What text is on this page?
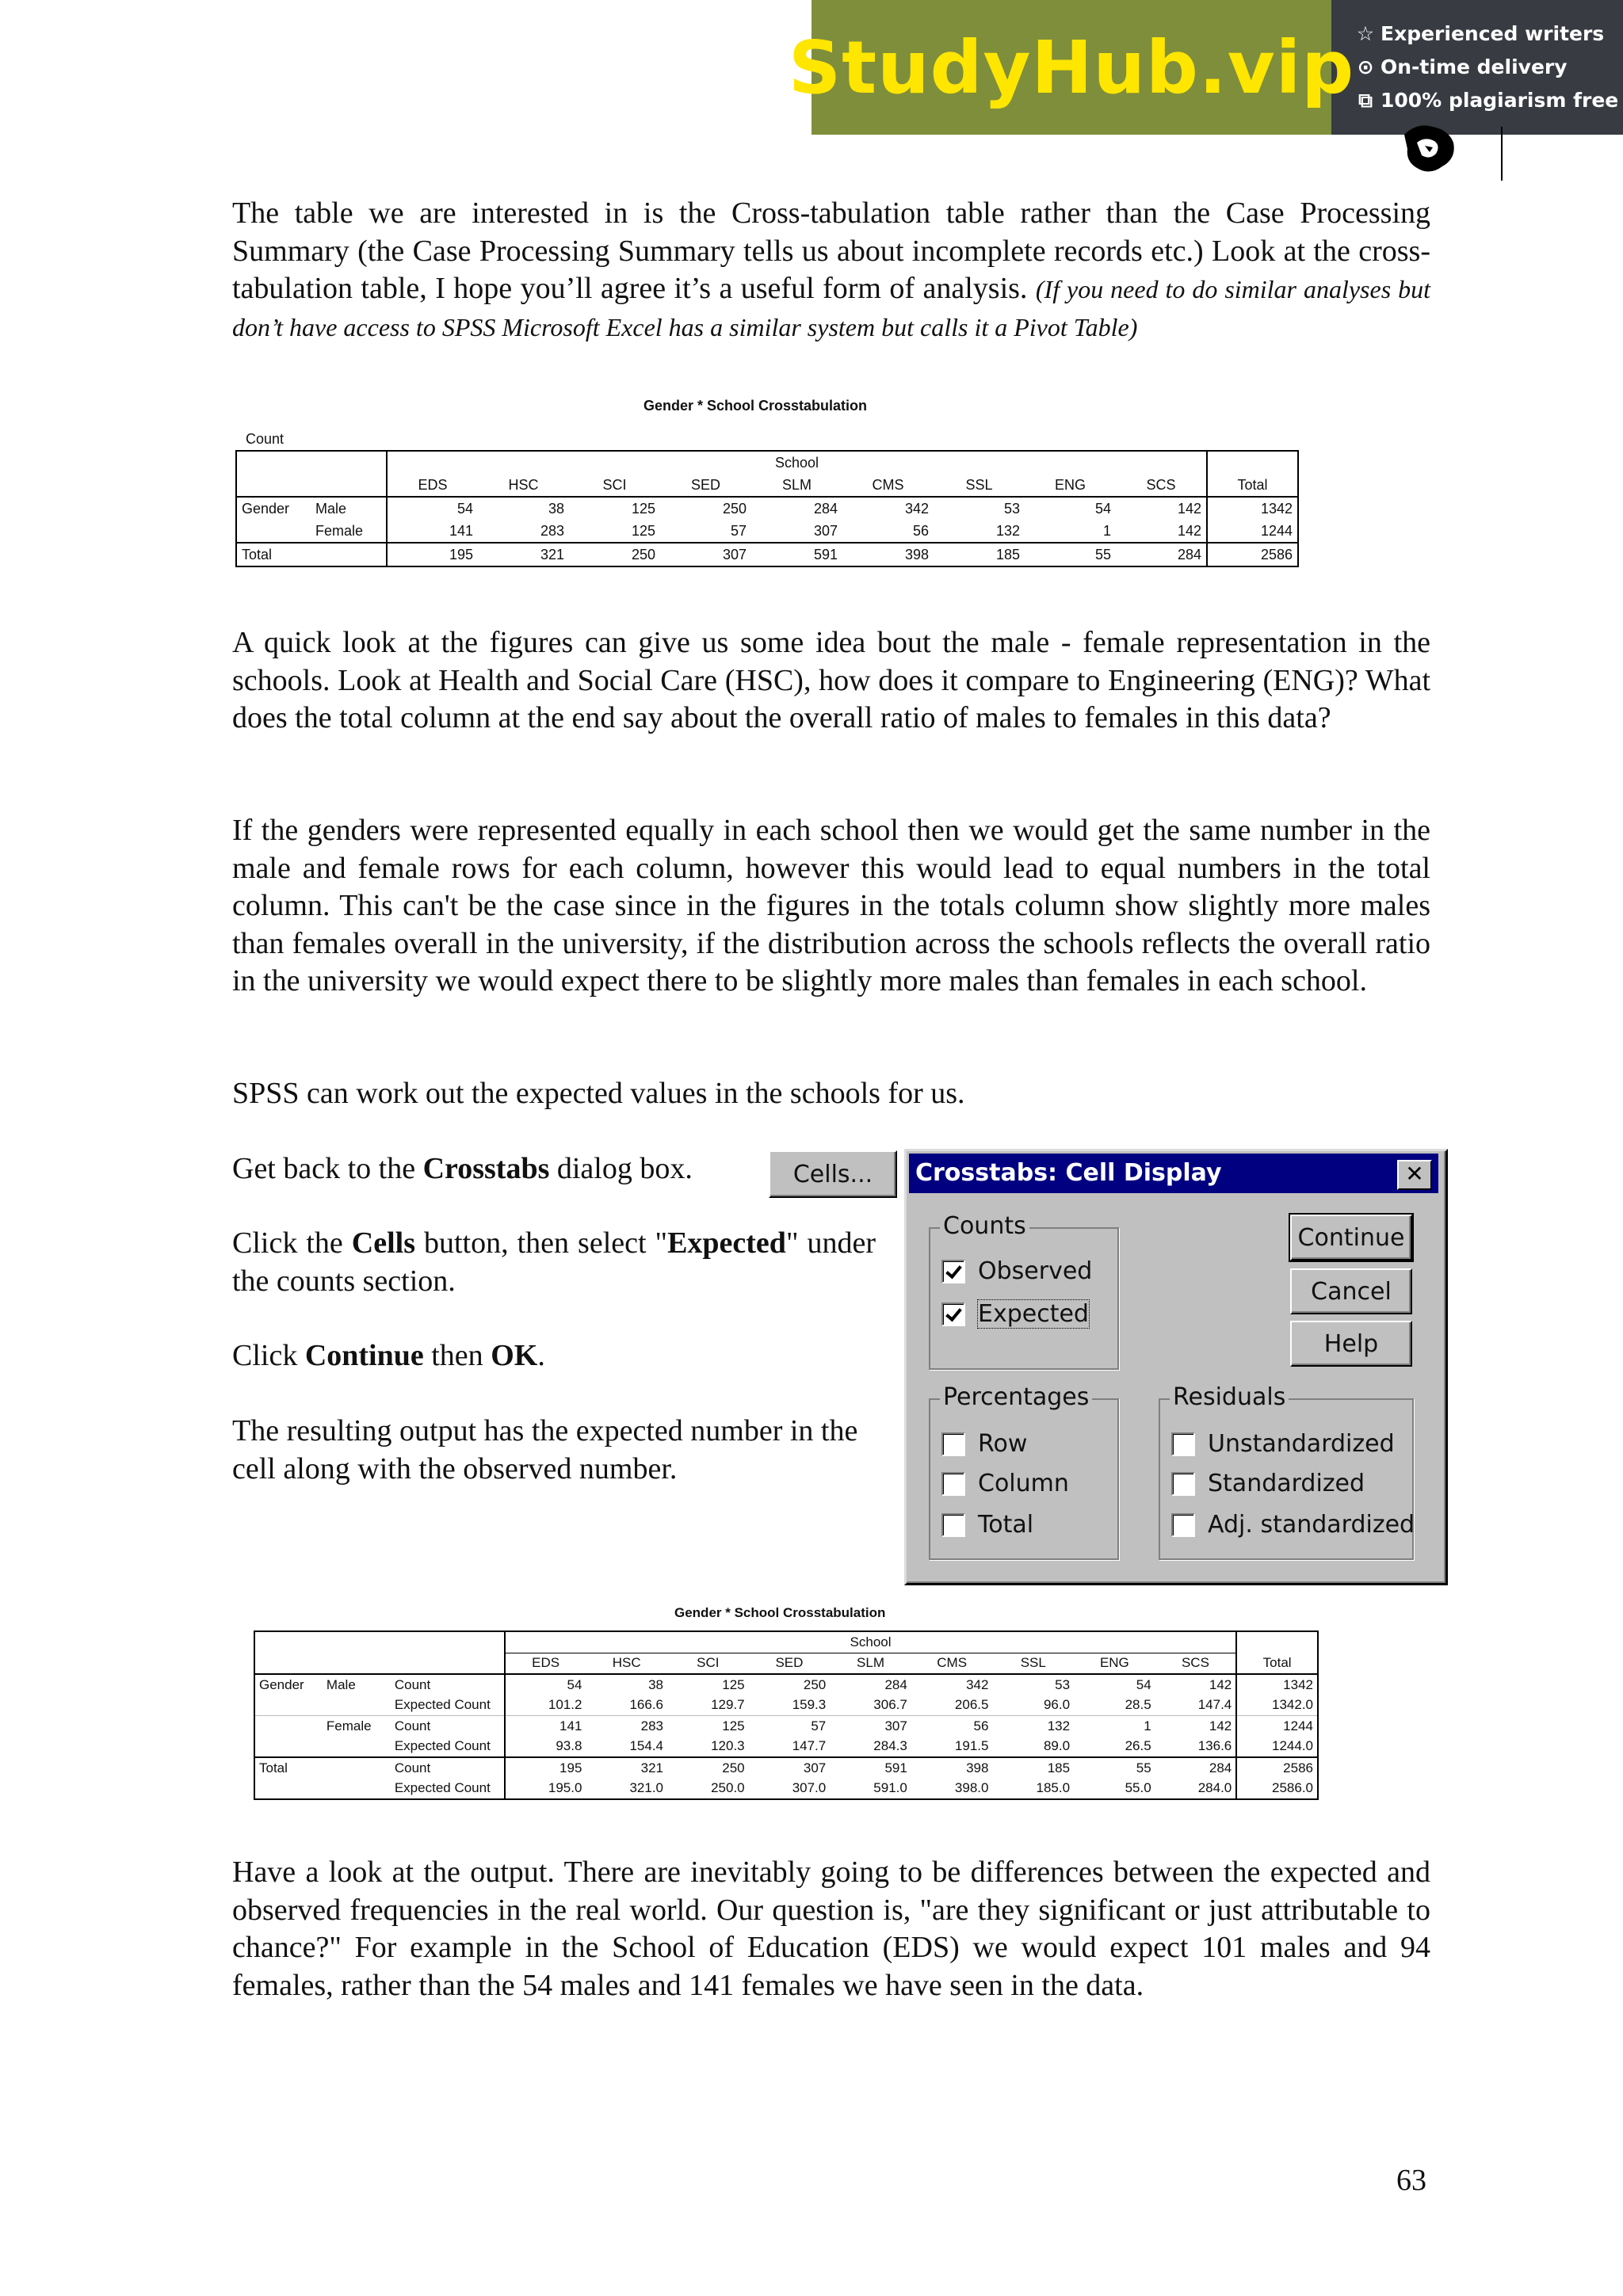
StudyHub.vip ☆ Experienced writers
⊙ On-time delivery
⧉ 100% plagiarism free
The table we are interested in is the Cross-tabulation table rather than the Case Processing Summary (the Case Processing Summary tells us about incomplete records etc.) Look at the cross-tabulation table, I hope you’ll agree it’s a useful form of analysis. (If you need to do similar analyses but don’t have access to SPSS Microsoft Excel has a similar system but calls it a Pivot Table)
Gender * School Crosstabulation
Count
		School									
		EDS	HSC	SCI	SED	SLM	CMS	SSL	ENG	SCS	Total
Gender	Male	54	38	125	250	284	342	53	54	142	1342
	Female	141	283	125	57	307	56	132	1	142	1244
Total		195	321	250	307	591	398	185	55	284	2586
A quick look at the figures can give us some idea bout the male - female representation in the schools. Look at Health and Social Care (HSC), how does it compare to Engineering (ENG)? What does the total column at the end say about the overall ratio of males to females in this data?
If the genders were represented equally in each school then we would get the same number in the male and female rows for each column, however this would lead to equal numbers in the total column. This can't be the case since in the figures in the totals column show slightly more males than females overall in the university, if the distribution across the schools reflects the overall ratio in the university we would expect there to be slightly more males than females in each school.
SPSS can work out the expected values in the schools for us.
Get back to the Crosstabs dialog box.
Click the Cells button, then select "Expected" under the counts section.
Click Continue then OK.
The resulting output has the expected number in the cell along with the observed number.
Cells...	Crosstabs: Cell Display	✕
Counts
Observed
Expected
Continue
Cancel
Help
Percentages
Row
Column
Total
Residuals
Unstandardized
Standardized
Adj. standardized
Gender * School Crosstabulation
			School									
			EDS	HSC	SCI	SED	SLM	CMS	SSL	ENG	SCS	Total
Gender	Male	Count	54	38	125	250	284	342	53	54	142	1342
		Expected Count	101.2	166.6	129.7	159.3	306.7	206.5	96.0	28.5	147.4	1342.0
	Female	Count	141	283	125	57	307	56	132	1	142	1244
		Expected Count	93.8	154.4	120.3	147.7	284.3	191.5	89.0	26.5	136.6	1244.0
Total		Count	195	321	250	307	591	398	185	55	284	2586
		Expected Count	195.0	321.0	250.0	307.0	591.0	398.0	185.0	55.0	284.0	2586.0
Have a look at the output. There are inevitably going to be differences between the expected and observed frequencies in the real world. Our question is, "are they significant or just attributable to chance?" For example in the School of Education (EDS) we would expect 101 males and 94 females, rather than the 54 males and 141 females we have seen in the data.
63
